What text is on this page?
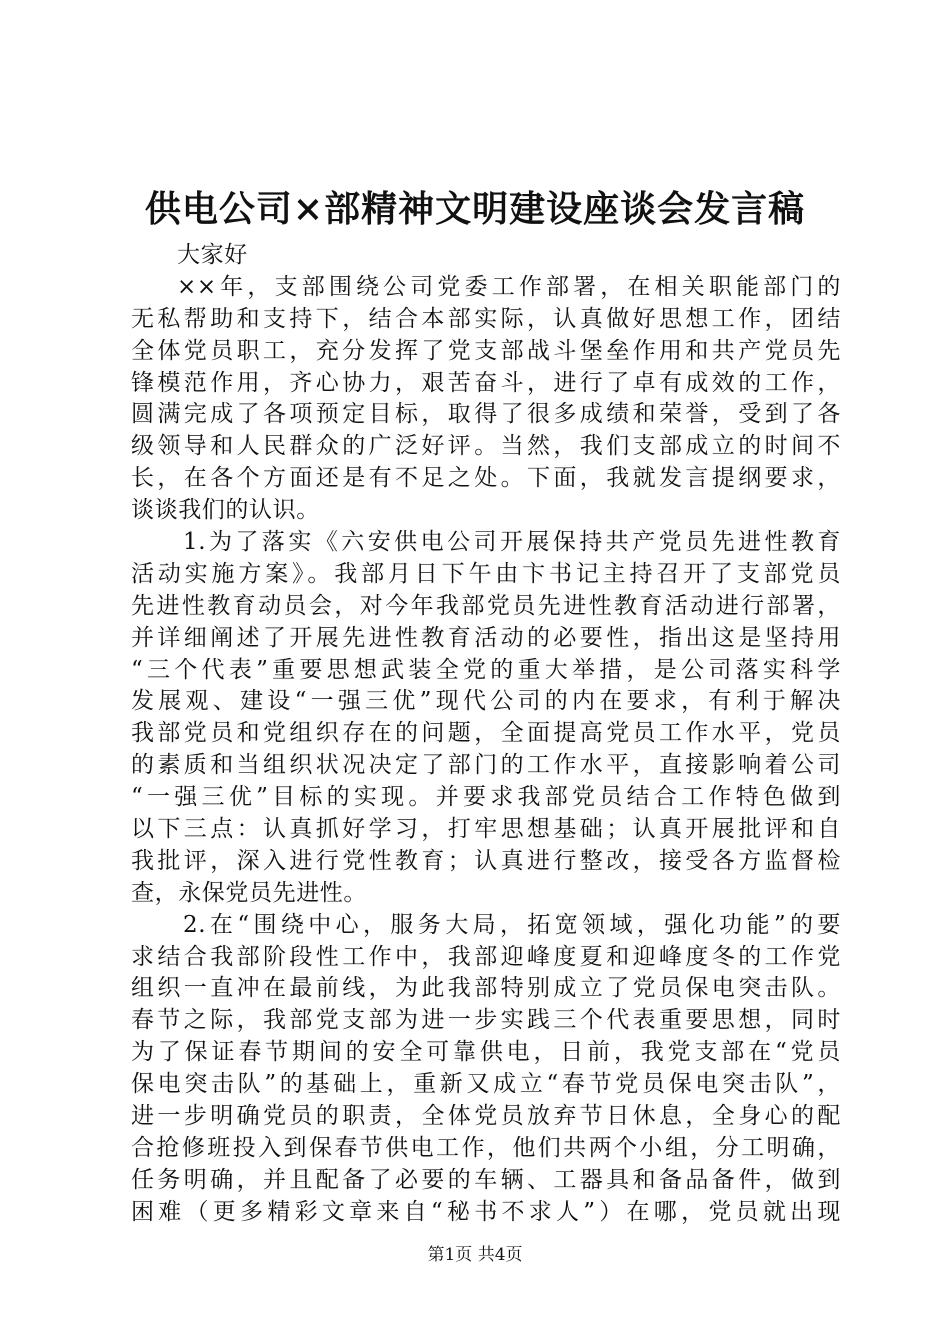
供电公司×部精神文明建设座谈会发言稿
大家好
××年，支部围绕公司党委工作部署，在相关职能部门的
无私帮助和支持下，结合本部实际，认真做好思想工作，团结
全体党员职工，充分发挥了党支部战斗堡垒作用和共产党员先
锋模范作用，齐心协力，艰苦奋斗，进行了卓有成效的工作，
圆满完成了各项预定目标，取得了很多成绩和荣誉，受到了各
级领导和人民群众的广泛好评。当然，我们支部成立的时间不
长，在各个方面还是有不足之处。下面，我就发言提纲要求，
谈谈我们的认识。
1.为了落实《六安供电公司开展保持共产党员先进性教育
活动实施方案》。我部月日下午由卞书记主持召开了支部党员
先进性教育动员会，对今年我部党员先进性教育活动进行部署，
并详细阐述了开展先进性教育活动的必要性，指出这是坚持用
“三个代表”重要思想武装全党的重大举措，是公司落实科学
发展观、建设“一强三优”现代公司的内在要求，有利于解决
我部党员和党组织存在的问题，全面提高党员工作水平，党员
的素质和当组织状况决定了部门的工作水平，直接影响着公司
“一强三优”目标的实现。并要求我部党员结合工作特色做到
以下三点：认真抓好学习，打牢思想基础；认真开展批评和自
我批评，深入进行党性教育；认真进行整改，接受各方监督检
查，永保党员先进性。
2.在“围绕中心，服务大局，拓宽领域，强化功能”的要
求结合我部阶段性工作中，我部迎峰度夏和迎峰度冬的工作党
组织一直冲在最前线，为此我部特别成立了党员保电突击队。
春节之际，我部党支部为进一步实践三个代表重要思想，同时
为了保证春节期间的安全可靠供电，日前，我党支部在“党员
保电突击队”的基础上，重新又成立“春节党员保电突击队”，
进一步明确党员的职责，全体党员放弃节日休息，全身心的配
合抢修班投入到保春节供电工作，他们共两个小组，分工明确，
任务明确，并且配备了必要的车辆、工器具和备品备件，做到
困难（更多精彩文章来自“秘书不求人”）在哪，党员就出现
第1页 共4页
